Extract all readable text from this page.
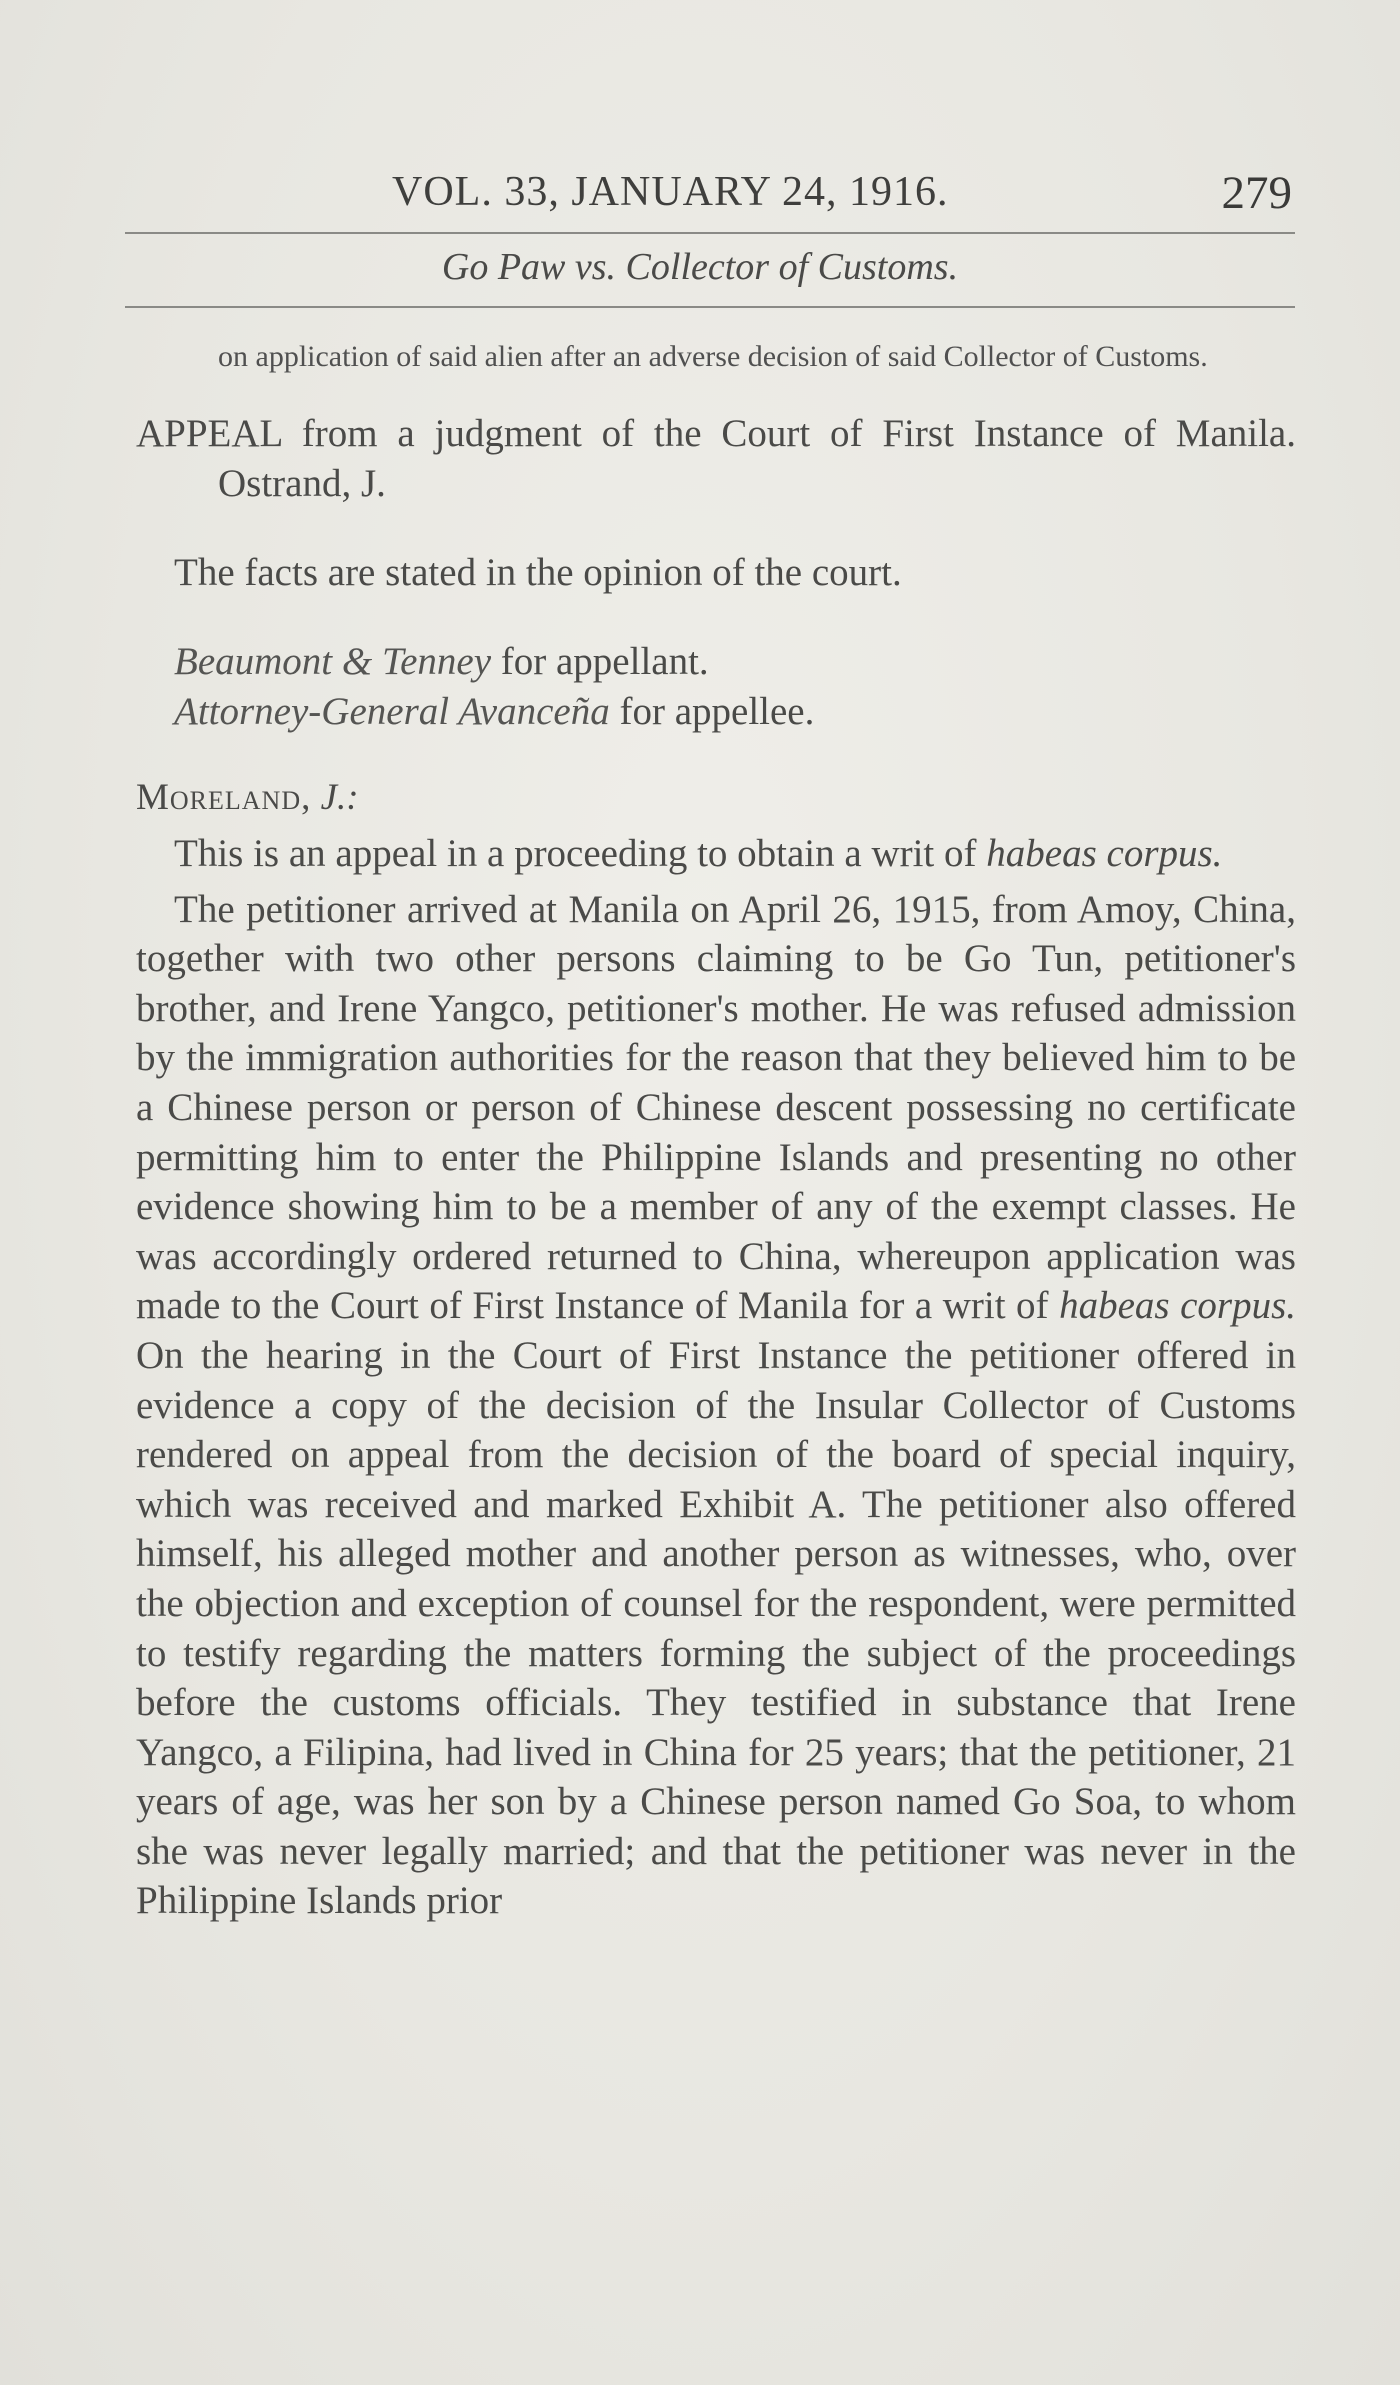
VOL. 33, JANUARY 24, 1916.	279
Go Paw vs. Collector of Customs.

on application of said alien after an adverse decision of said Collector of Customs.

APPEAL from a judgment of the Court of First Instance of Manila. Ostrand, J.

The facts are stated in the opinion of the court.

Beaumont & Tenney for appellant.
Attorney-General Avanceña for appellee.
Moreland, J.:

This is an appeal in a proceeding to obtain a writ of habeas corpus.

The petitioner arrived at Manila on April 26, 1915, from Amoy, China, together with two other persons claiming to be Go Tun, petitioner's brother, and Irene Yangco, petitioner's mother. He was refused admission by the immigration authorities for the reason that they believed him to be a Chinese person or person of Chinese descent possessing no certificate permitting him to enter the Philippine Islands and presenting no other evidence showing him to be a member of any of the exempt classes. He was accordingly ordered returned to China, whereupon application was made to the Court of First Instance of Manila for a writ of habeas corpus. On the hearing in the Court of First Instance the petitioner offered in evidence a copy of the decision of the Insular Collector of Customs rendered on appeal from the decision of the board of special inquiry, which was received and marked Exhibit A. The petitioner also offered himself, his alleged mother and another person as witnesses, who, over the objection and exception of counsel for the respondent, were permitted to testify regarding the matters forming the subject of the proceedings before the customs officials. They testified in substance that Irene Yangco, a Filipina, had lived in China for 25 years; that the petitioner, 21 years of age, was her son by a Chinese person named Go Soa, to whom she was never legally married; and that the petitioner was never in the Philippine Islands prior
